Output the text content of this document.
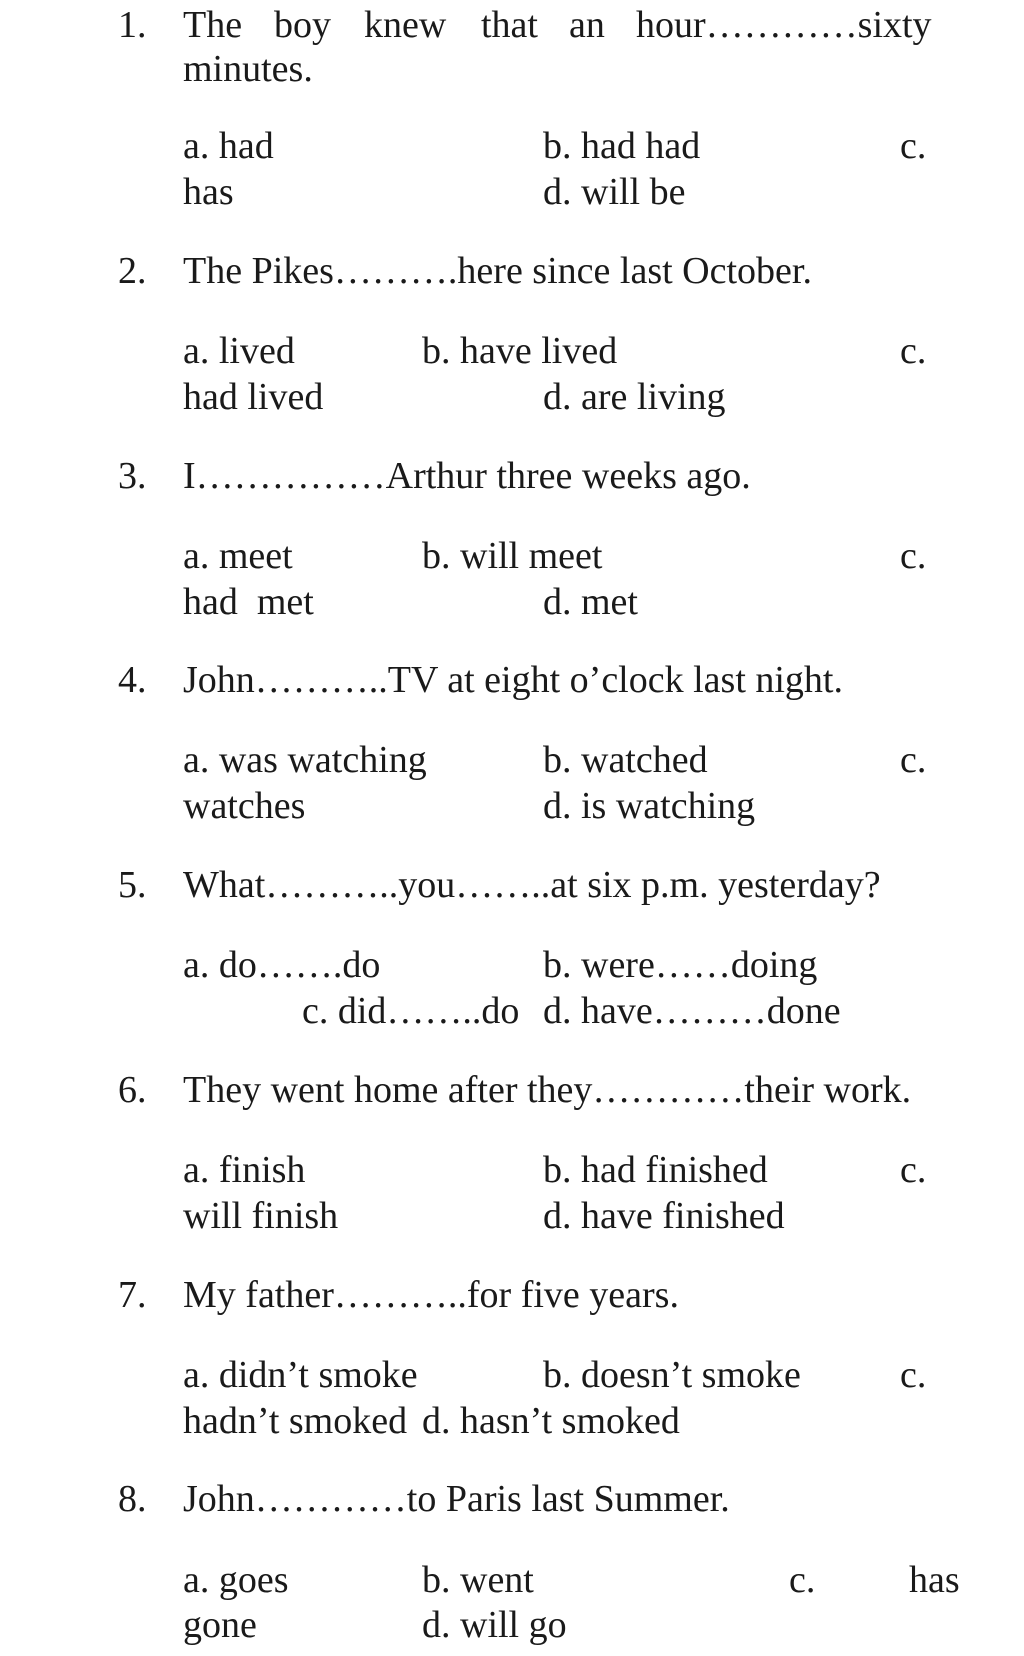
1. The boy knew that an hour…………sixty
minutes.
a. had	b. had had	c.
has	d. will be
2. The Pikes……….here since last October.
a. lived	b. have lived	c.
had lived	d. are living
3. I……………Arthur three weeks ago.
a. meet	b. will meet	c.
had  met	d. met
4. John………..TV at eight o’clock last night.
a. was watching	b. watched	c.
watches	d. is watching
5. What………..you……..at six p.m. yesterday?
a. do…….do	b. were……doing
c. did……..do d. have………done
6. They went home after they…………their work.
a. finish	b. had finished	c.
will finish	d. have finished
7. My father………..for five years.
a. didn’t smoke	b. doesn’t smoke	c.
hadn’t smoked d. hasn’t smoked
8. John…………to Paris last Summer.
a. goes	b. went	c. has
gone	d. will go
